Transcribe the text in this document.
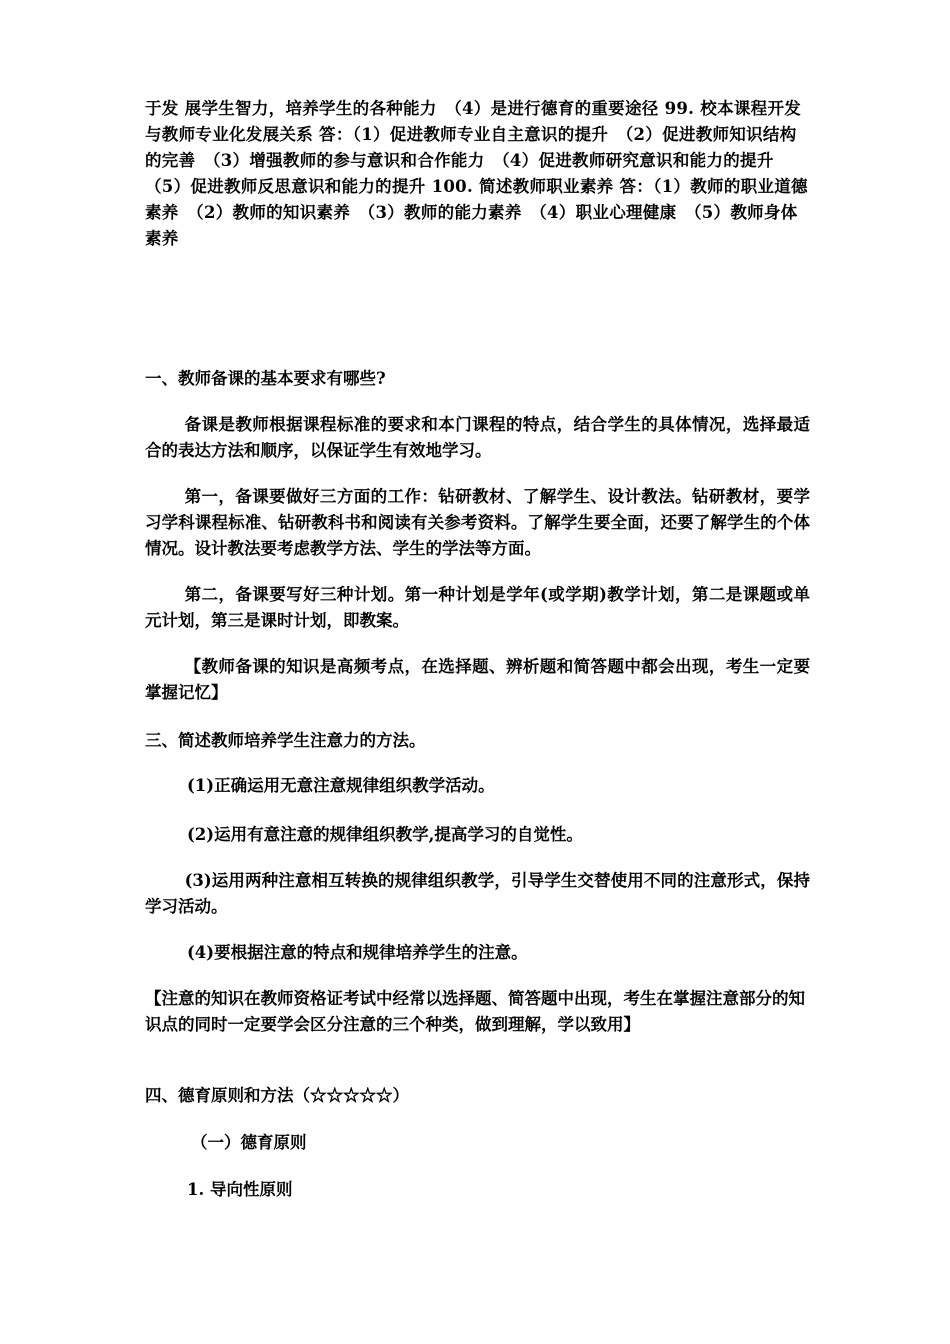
于发 展学生智力，培养学生的各种能力　（4）是进行德育的重要途径 99. 校本课程开发与教师专业化发展关系 答：（1）促进教师专业自主意识的提升　（2）促进教师知识结构的完善　（3）增强教师的参与意识和合作能力　（4）促进教师研究意识和能力的提升　（5）促进教师反思意识和能力的提升 100. 简述教师职业素养 答：（1）教师的职业道德素养　（2）教师的知识素养　（3）教师的能力素养　（4）职业心理健康　（5）教师身体素养

一、教师备课的基本要求有哪些?

备课是教师根据课程标准的要求和本门课程的特点，结合学生的具体情况，选择最适合的表达方法和顺序，以保证学生有效地学习。

第一，备课要做好三方面的工作：钻研教材、了解学生、设计教法。钻研教材，要学习学科课程标准、钻研教科书和阅读有关参考资料。了解学生要全面，还要了解学生的个体情况。设计教法要考虑教学方法、学生的学法等方面。

第二，备课要写好三种计划。第一种计划是学年(或学期)教学计划，第二是课题或单元计划，第三是课时计划，即教案。

【教师备课的知识是高频考点，在选择题、辨析题和简答题中都会出现，考生一定要掌握记忆】

三、简述教师培养学生注意力的方法。

(1)正确运用无意注意规律组织教学活动。

(2)运用有意注意的规律组织教学,提高学习的自觉性。

(3)运用两种注意相互转换的规律组织教学，引导学生交替使用不同的注意形式，保持学习活动。

(4)要根据注意的特点和规律培养学生的注意。

【注意的知识在教师资格证考试中经常以选择题、简答题中出现，考生在掌握注意部分的知识点的同时一定要学会区分注意的三个种类，做到理解，学以致用】

四、德育原则和方法（☆☆☆☆☆）

（一）德育原则

1. 导向性原则
